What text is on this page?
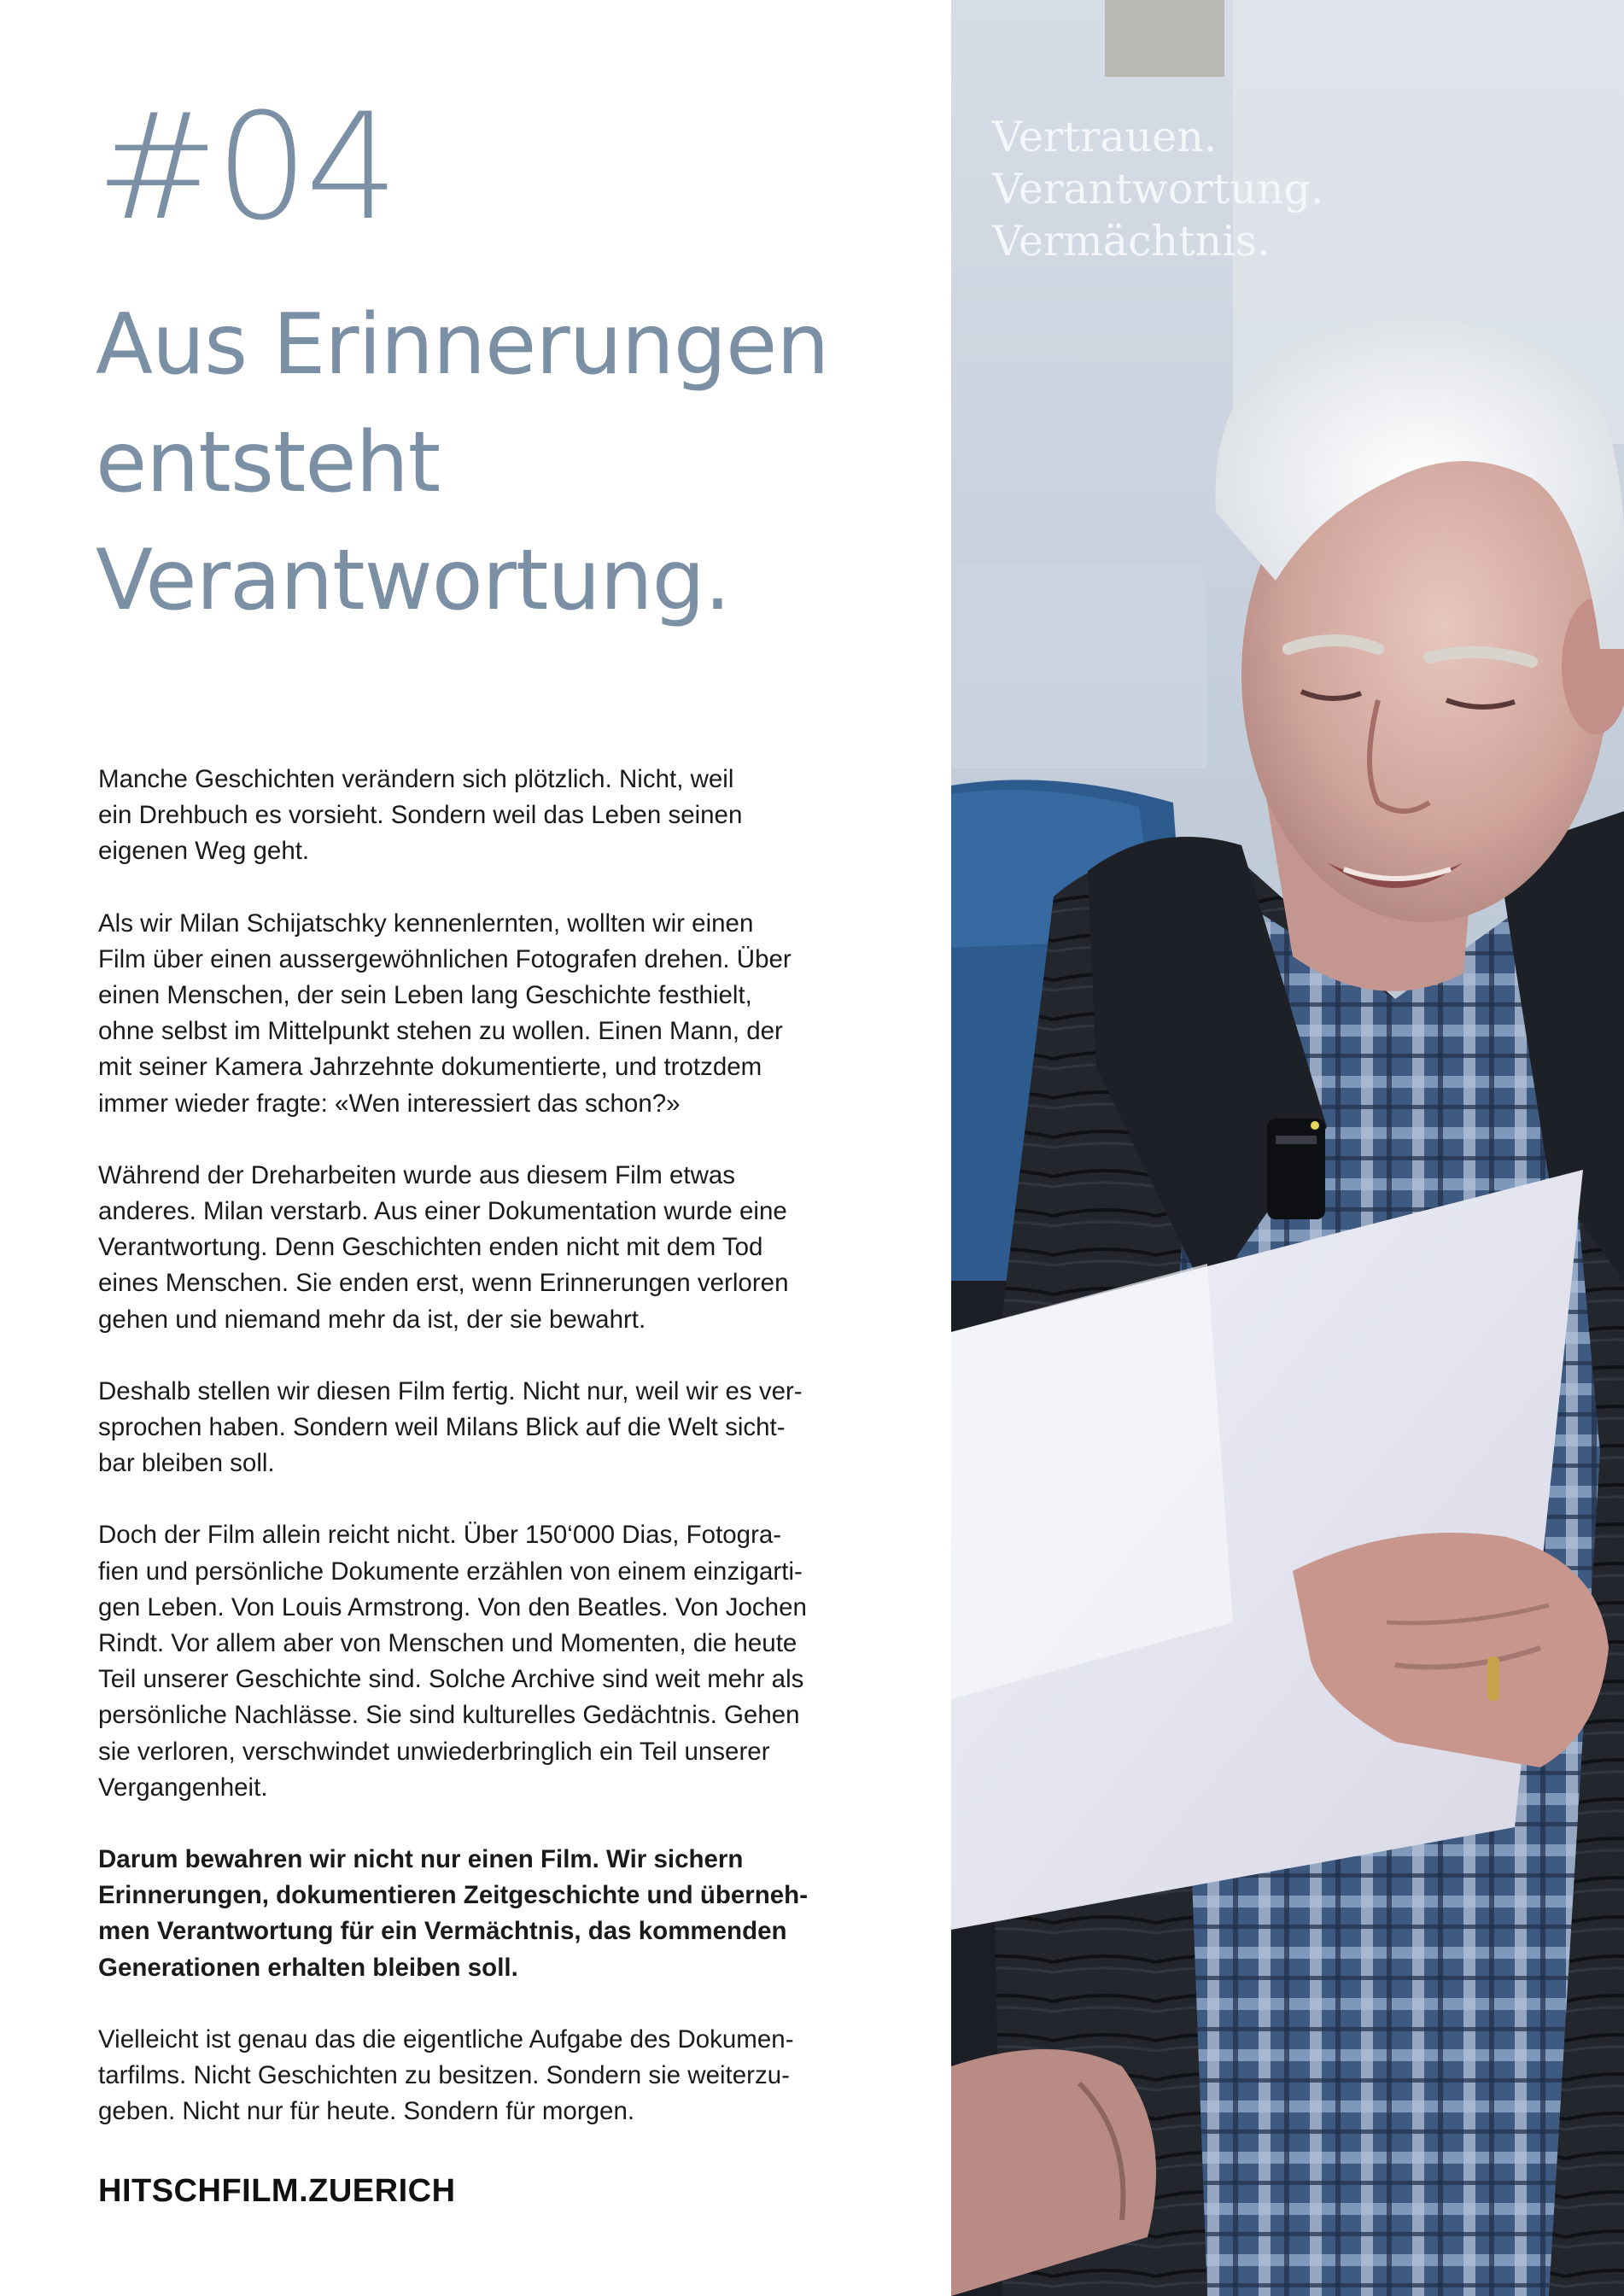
#04
Aus Erinnerungen
entsteht
Verantwortung.

Manche Geschichten verändern sich plötzlich. Nicht, weil
ein Drehbuch es vorsieht. Sondern weil das Leben seinen
eigenen Weg geht.

Als wir Milan Schijatschky kennenlernten, wollten wir einen
Film über einen aussergewöhnlichen Fotografen drehen. Über
einen Menschen, der sein Leben lang Geschichte festhielt,
ohne selbst im Mittelpunkt stehen zu wollen. Einen Mann, der
mit seiner Kamera Jahrzehnte dokumentierte, und trotzdem
immer wieder fragte: «Wen interessiert das schon?»

Während der Dreharbeiten wurde aus diesem Film etwas
anderes. Milan verstarb. Aus einer Dokumentation wurde eine
Verantwortung. Denn Geschichten enden nicht mit dem Tod
eines Menschen. Sie enden erst, wenn Erinnerungen verloren
gehen und niemand mehr da ist, der sie bewahrt.

Deshalb stellen wir diesen Film fertig. Nicht nur, weil wir es ver-
sprochen haben. Sondern weil Milans Blick auf die Welt sicht-
bar bleiben soll.

Doch der Film allein reicht nicht. Über 150‘000 Dias, Fotogra-
fien und persönliche Dokumente erzählen von einem einzigarti-
gen Leben. Von Louis Armstrong. Von den Beatles. Von Jochen
Rindt. Vor allem aber von Menschen und Momenten, die heute
Teil unserer Geschichte sind. Solche Archive sind weit mehr als
persönliche Nachlässe. Sie sind kulturelles Gedächtnis. Gehen
sie verloren, verschwindet unwiederbringlich ein Teil unserer
Vergangenheit.

Darum bewahren wir nicht nur einen Film. Wir sichern
Erinnerungen, dokumentieren Zeitgeschichte und überneh-
men Verantwortung für ein Vermächtnis, das kommenden
Generationen erhalten bleiben soll.

Vielleicht ist genau das die eigentliche Aufgabe des Dokumen-
tarfilms. Nicht Geschichten zu besitzen. Sondern sie weiterzu-
geben. Nicht nur für heute. Sondern für morgen.

HITSCHFILM.ZUERICH
Vertrauen.
Verantwortung.
Vermächtnis.
